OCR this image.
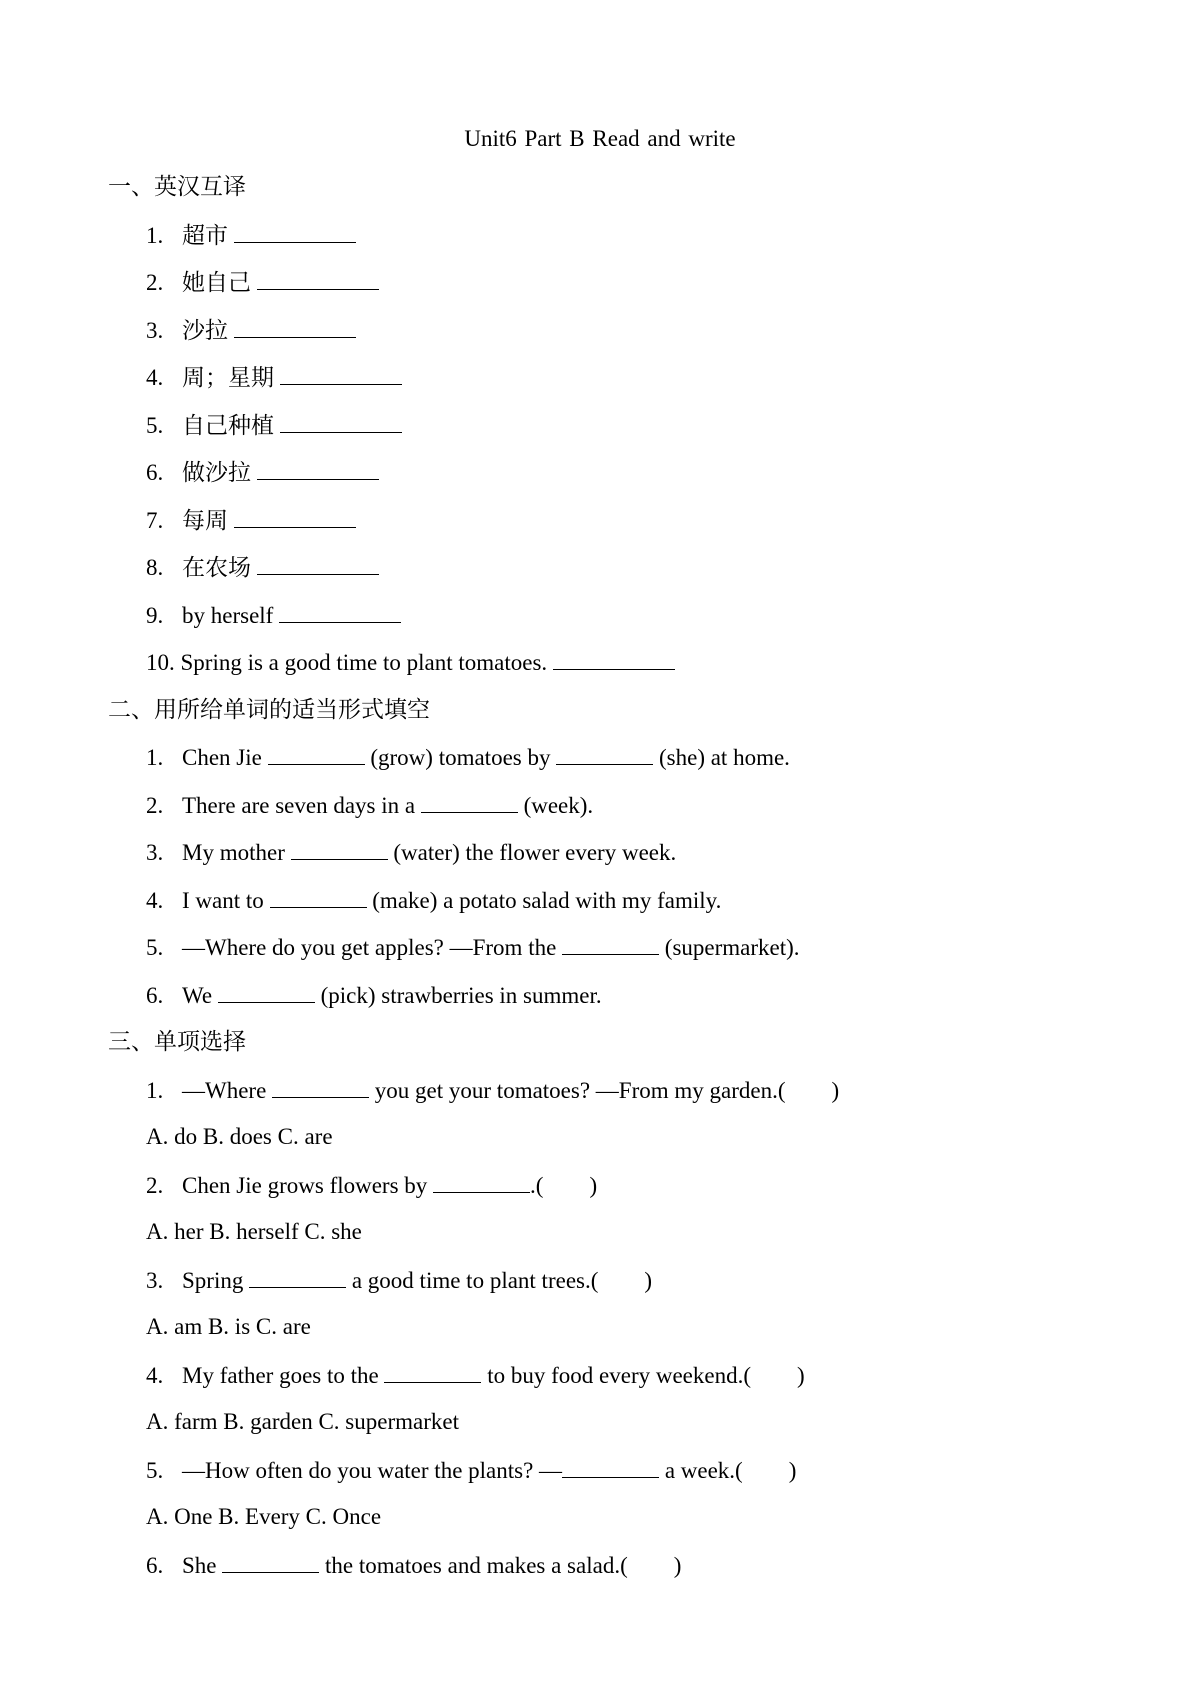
Unit6 Part B Read and write
一、英汉互译
1. 超市
2. 她自己
3. 沙拉
4. 周；星期
5. 自己种植
6. 做沙拉
7. 每周
8. 在农场
9. by herself
10. Spring is a good time to plant tomatoes.
二、用所给单词的适当形式填空
1. Chen Jie	(grow) tomatoes by	(she) at home.
2. There are seven days in a	(week).
3. My mother	(water) the flower every week.
4. I want to	(make) a potato salad with my family.
5. —Where do you get apples? —From the	(supermarket).
6. We	(pick) strawberries in summer.
三、单项选择
1. —Where	you get your tomatoes? —From my garden.(        )
A. do B. does C. are
2. Chen Jie grows flowers by	.(        )
A. her B. herself C. she
3. Spring	a good time to plant trees.(        )
A. am B. is C. are
4. My father goes to the	to buy food every weekend.(        )
A. farm B. garden C. supermarket
5. —How often do you water the plants? —	a week.(        )
A. One B. Every C. Once
6. She	the tomatoes and makes a salad.(        )
